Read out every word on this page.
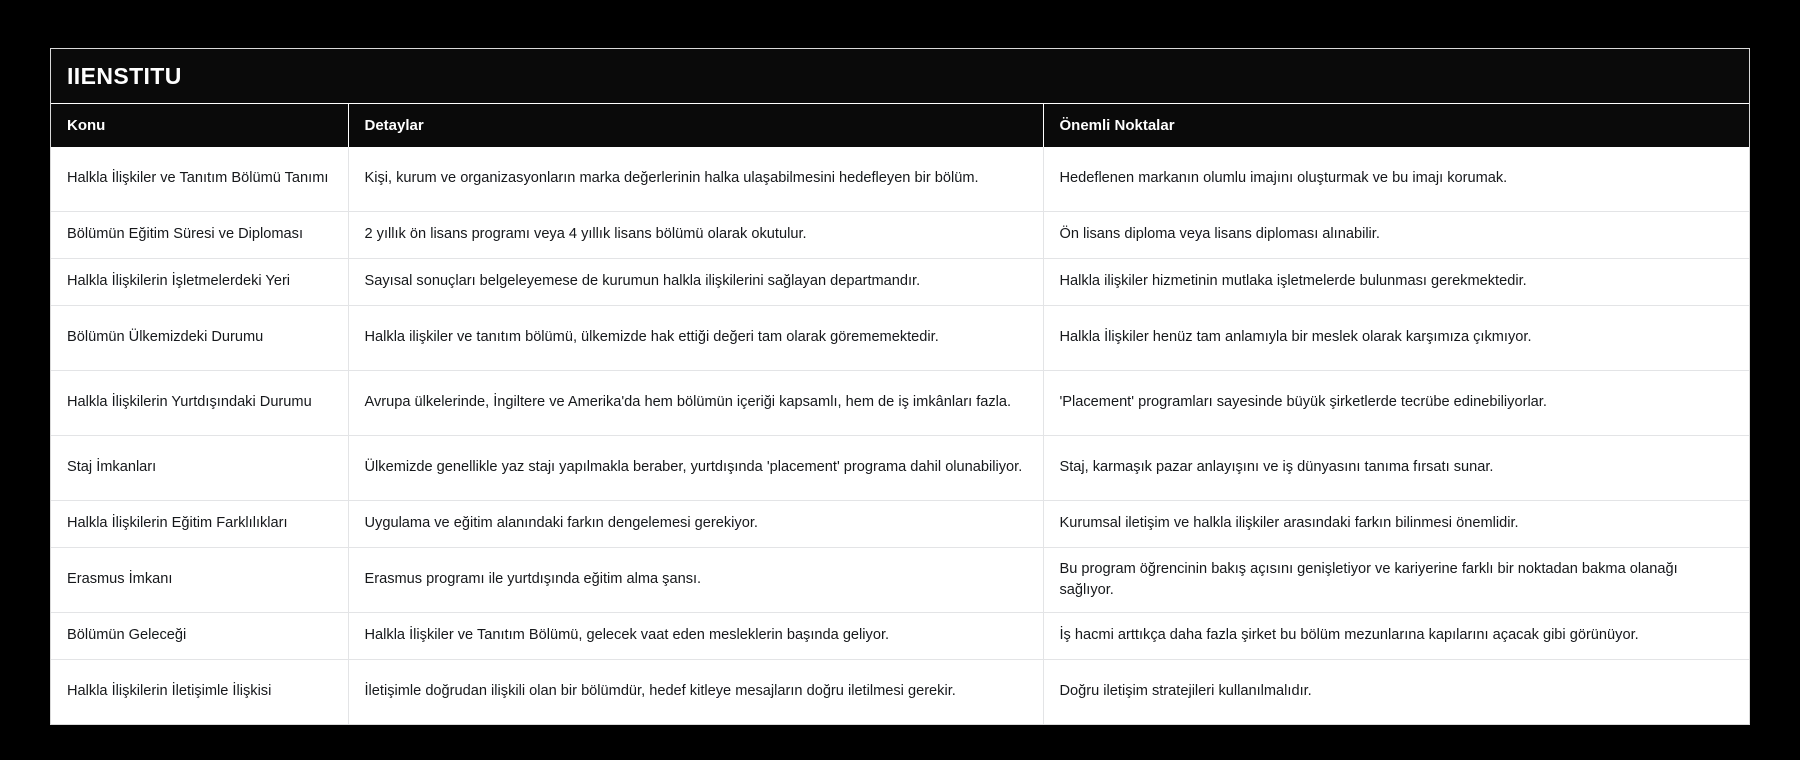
IIENSTITU
Konu	Detaylar	Önemli Noktalar
Halkla İlişkiler ve Tanıtım Bölümü Tanımı	Kişi, kurum ve organizasyonların marka değerlerinin halka ulaşabilmesini hedefleyen bir bölüm.	Hedeflenen markanın olumlu imajını oluşturmak ve bu imajı korumak.
Bölümün Eğitim Süresi ve Diploması	2 yıllık ön lisans programı veya 4 yıllık lisans bölümü olarak okutulur.	Ön lisans diploma veya lisans diploması alınabilir.
Halkla İlişkilerin İşletmelerdeki Yeri	Sayısal sonuçları belgeleyemese de kurumun halkla ilişkilerini sağlayan departmandır.	Halkla ilişkiler hizmetinin mutlaka işletmelerde bulunması gerekmektedir.
Bölümün Ülkemizdeki Durumu	Halkla ilişkiler ve tanıtım bölümü, ülkemizde hak ettiği değeri tam olarak görememektedir.	Halkla İlişkiler henüz tam anlamıyla bir meslek olarak karşımıza çıkmıyor.
Halkla İlişkilerin Yurtdışındaki Durumu	Avrupa ülkelerinde, İngiltere ve Amerika'da hem bölümün içeriği kapsamlı, hem de iş imkânları fazla.	'Placement' programları sayesinde büyük şirketlerde tecrübe edinebiliyorlar.
Staj İmkanları	Ülkemizde genellikle yaz stajı yapılmakla beraber, yurtdışında 'placement' programa dahil olunabiliyor.	Staj, karmaşık pazar anlayışını ve iş dünyasını tanıma fırsatı sunar.
Halkla İlişkilerin Eğitim Farklılıkları	Uygulama ve eğitim alanındaki farkın dengelemesi gerekiyor.	Kurumsal iletişim ve halkla ilişkiler arasındaki farkın bilinmesi önemlidir.
Erasmus İmkanı	Erasmus programı ile yurtdışında eğitim alma şansı.	Bu program öğrencinin bakış açısını genişletiyor ve kariyerine farklı bir noktadan bakma olanağı sağlıyor.
Bölümün Geleceği	Halkla İlişkiler ve Tanıtım Bölümü, gelecek vaat eden mesleklerin başında geliyor.	İş hacmi arttıkça daha fazla şirket bu bölüm mezunlarına kapılarını açacak gibi görünüyor.
Halkla İlişkilerin İletişimle İlişkisi	İletişimle doğrudan ilişkili olan bir bölümdür, hedef kitleye mesajların doğru iletilmesi gerekir.	Doğru iletişim stratejileri kullanılmalıdır.
